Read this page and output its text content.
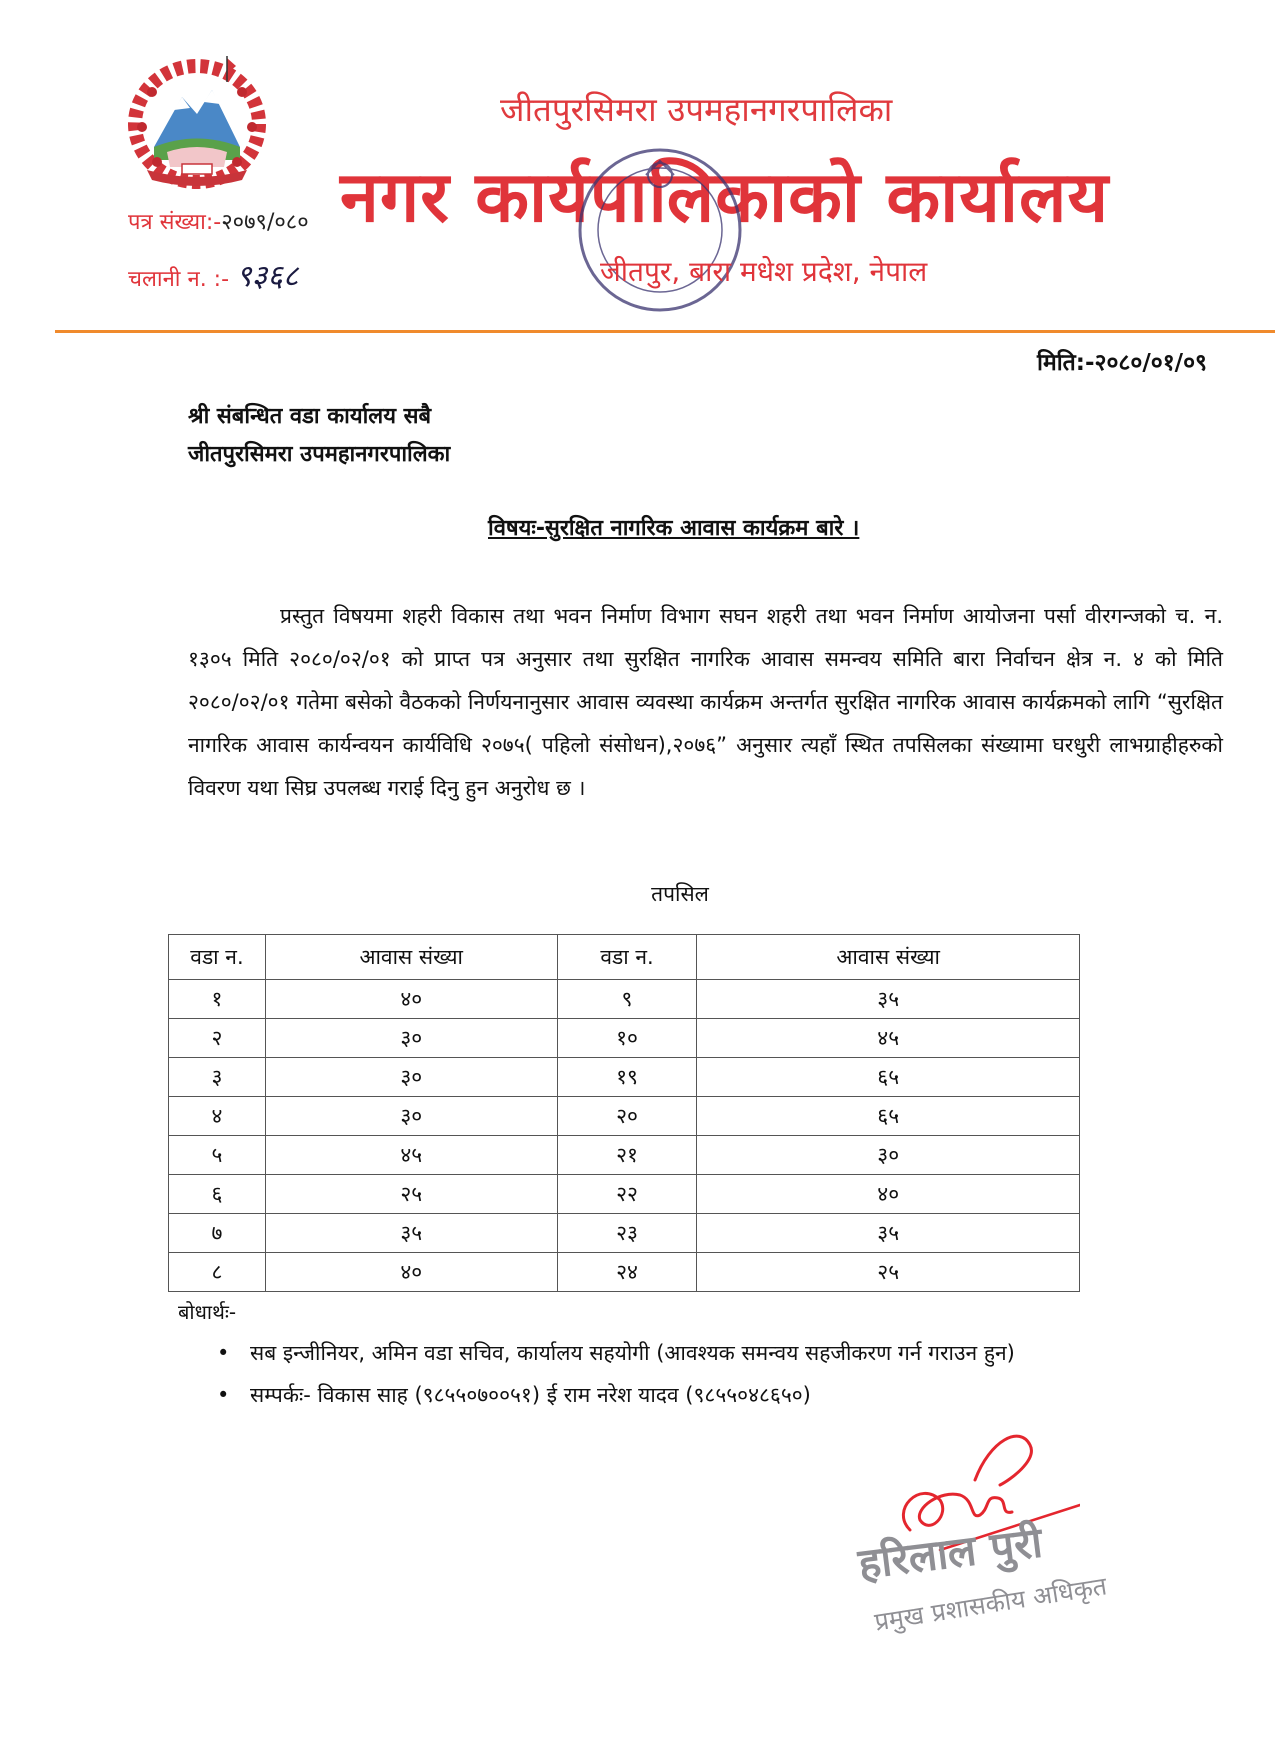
जीतपुरसिमरा उपमहानगरपालिका
नगर कार्यपालिकाको कार्यालय
पत्र संख्या:-२०७९/०८०
चलानी न. :- ९३६८	जीतपुर, बारा मधेश प्रदेश, नेपाल
मिति:-२०८०/०१/०९
श्री संबन्धित वडा कार्यालय सबै
जीतपुरसिमरा उपमहानगरपालिका
विषयः-सुरक्षित नागरिक आवास कार्यक्रम बारे ।
प्रस्तुत विषयमा शहरी विकास तथा भवन निर्माण विभाग सघन शहरी तथा भवन निर्माण आयोजना पर्सा वीरगन्जको च. न. १३०५ मिति २०८०/०२/०१ को प्राप्त पत्र अनुसार तथा सुरक्षित नागरिक आवास समन्वय समिति बारा निर्वाचन क्षेत्र न. ४ को मिति २०८०/०२/०१ गतेमा बसेको वैठकको निर्णयनानुसार आवास व्यवस्था कार्यक्रम अन्तर्गत सुरक्षित नागरिक आवास कार्यक्रमको लागि “सुरक्षित नागरिक आवास कार्यन्वयन कार्यविधि २०७५( पहिलो संसोधन),२०७६” अनुसार त्यहाँ स्थित तपसिलका संख्यामा घरधुरी लाभग्राहीहरुको विवरण यथा सिघ्र उपलब्ध गराई दिनु हुन अनुरोध छ ।
तपसिल
वडा न.	आवास संख्या	वडा न.	आवास संख्या
१	४०	९	३५
२	३०	१०	४५
३	३०	१९	६५
४	३०	२०	६५
५	४५	२१	३०
६	२५	२२	४०
७	३५	२३	३५
८	४०	२४	२५
बोधार्थः-
• सब इन्जीनियर, अमिन वडा सचिव, कार्यालय सहयोगी (आवश्यक समन्वय सहजीकरण गर्न गराउन हुन)
• सम्पर्कः- विकास साह (९८५५०७००५१) ई राम नरेश यादव (९८५५०४८६५०)
हरिलाल पुरी
प्रमुख प्रशासकीय अधिकृत
